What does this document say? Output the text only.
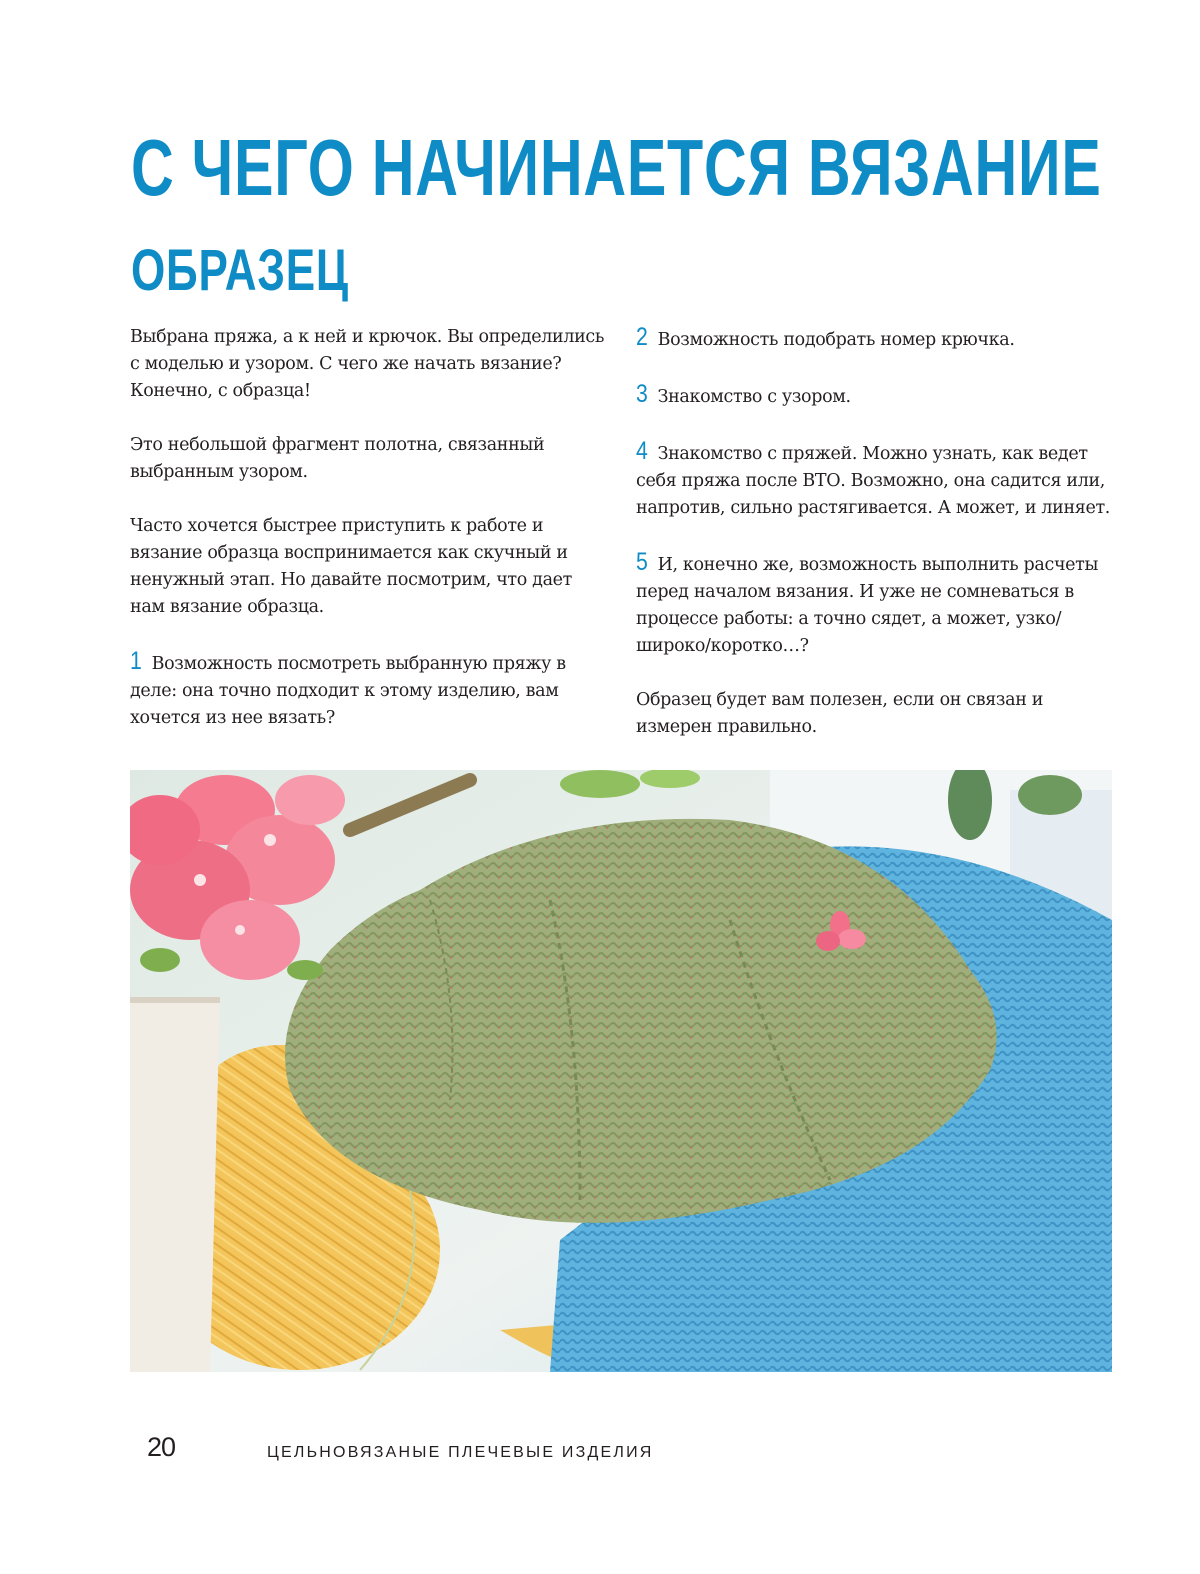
С ЧЕГО НАЧИНАЕТСЯ ВЯЗАНИЕ
ОБРАЗЕЦ

Выбрана пряжа, а к ней и крючок. Вы определились с моделью и узором. С чего же начать вязание? Конечно, с образца!

Это небольшой фрагмент полотна, связанный выбранным узором.

Часто хочется быстрее приступить к работе и вязание образца воспринимается как скучный и ненужный этап. Но давайте посмотрим, что дает нам вязание образца.

1 Возможность посмотреть выбранную пряжу в деле: она точно подходит к этому изделию, вам хочется из нее вязать?

2 Возможность подобрать номер крючка.

3 Знакомство с узором.

4 Знакомство с пряжей. Можно узнать, как ведет себя пряжа после ВТО. Возможно, она садится или, напротив, сильно растягивается. А может, и линяет.

5 И, конечно же, возможность выполнить расчеты перед началом вязания. И уже не сомневаться в процессе работы: а точно сядет, а может, узко/широко/коротко…?

Образец будет вам полезен, если он связан и измерен правильно.

20	ЦЕЛЬНОВЯЗАНЫЕ ПЛЕЧЕВЫЕ ИЗДЕЛИЯ
